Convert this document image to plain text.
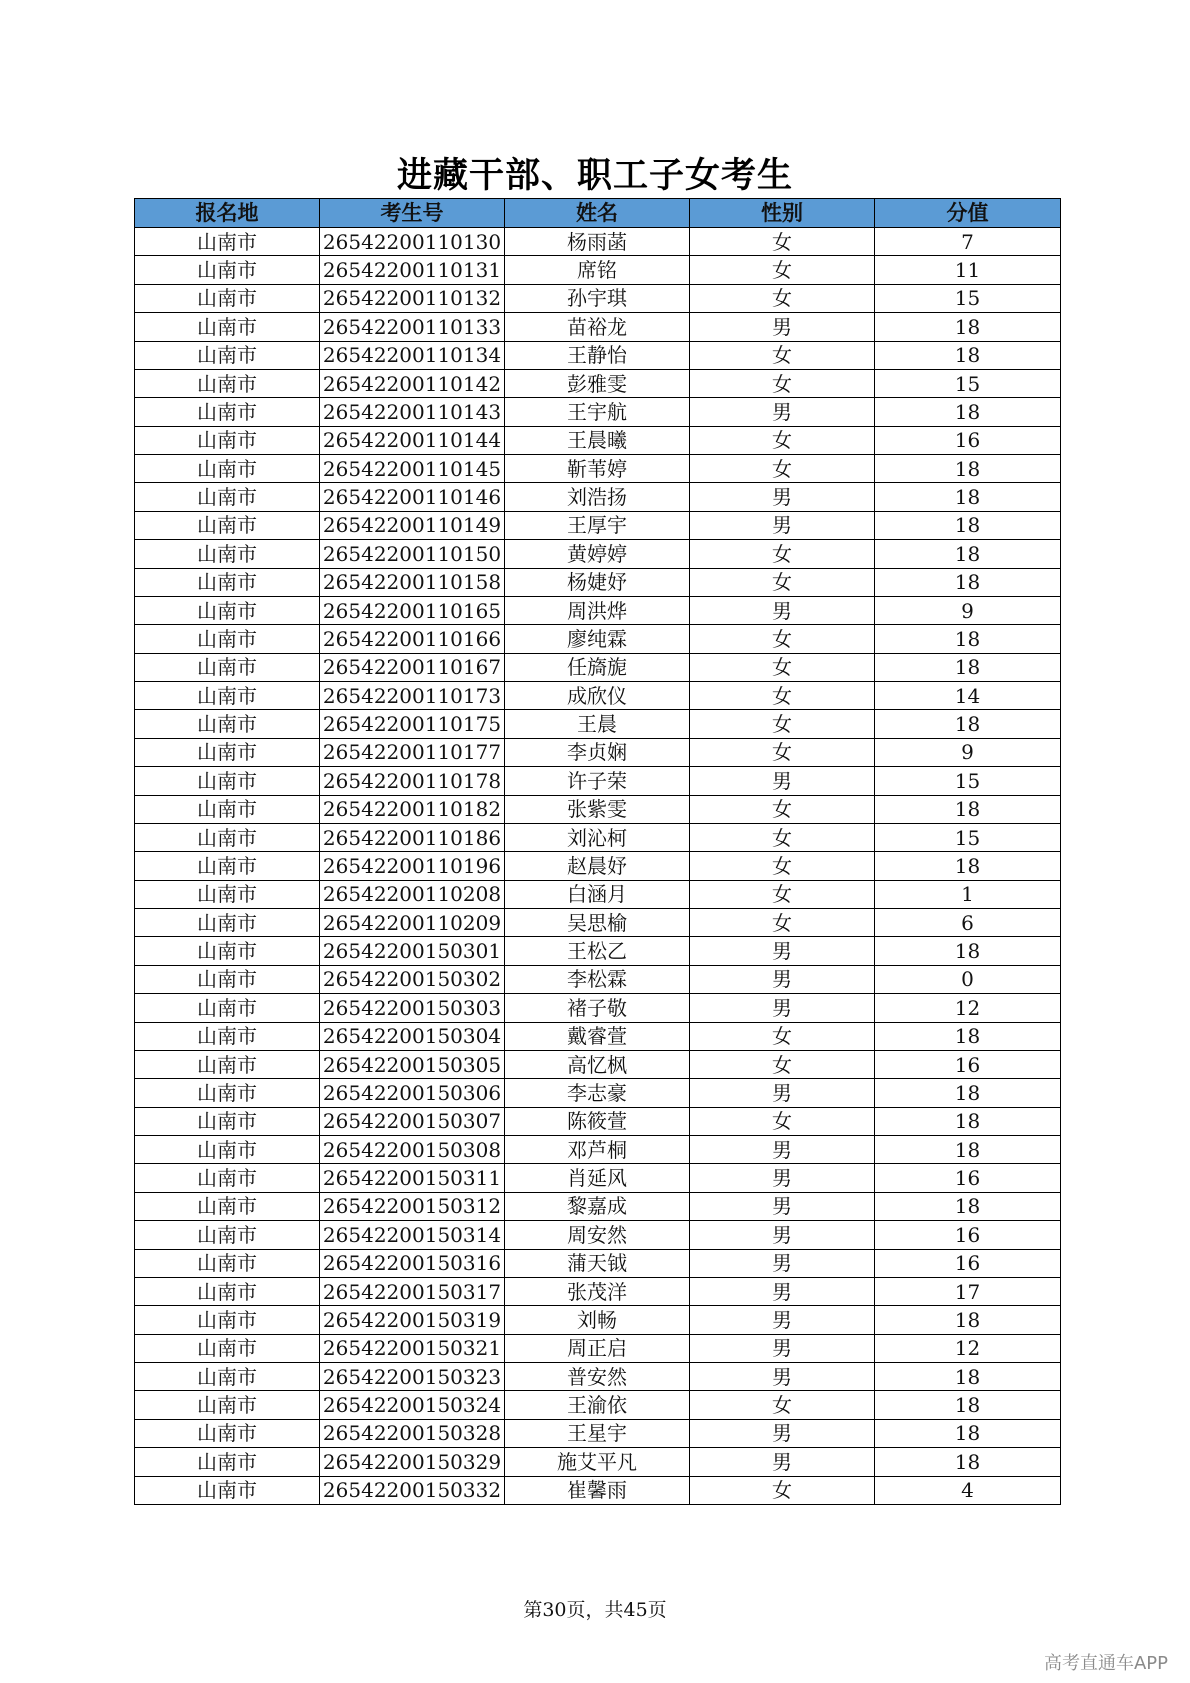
进藏干部、职工子女考生
报名地	考生号	姓名	性别	分值
山南市	26542200110130	杨雨菡	女	7
山南市	26542200110131	席铭	女	11
山南市	26542200110132	孙宇琪	女	15
山南市	26542200110133	苗裕龙	男	18
山南市	26542200110134	王静怡	女	18
山南市	26542200110142	彭雅雯	女	15
山南市	26542200110143	王宇航	男	18
山南市	26542200110144	王晨曦	女	16
山南市	26542200110145	靳苇婷	女	18
山南市	26542200110146	刘浩扬	男	18
山南市	26542200110149	王厚宇	男	18
山南市	26542200110150	黄婷婷	女	18
山南市	26542200110158	杨婕妤	女	18
山南市	26542200110165	周洪烨	男	9
山南市	26542200110166	廖纯霖	女	18
山南市	26542200110167	任旖旎	女	18
山南市	26542200110173	成欣仪	女	14
山南市	26542200110175	王晨	女	18
山南市	26542200110177	李贞娴	女	9
山南市	26542200110178	许子荣	男	15
山南市	26542200110182	张紫雯	女	18
山南市	26542200110186	刘沁柯	女	15
山南市	26542200110196	赵晨妤	女	18
山南市	26542200110208	白涵月	女	1
山南市	26542200110209	吴思榆	女	6
山南市	26542200150301	王松乙	男	18
山南市	26542200150302	李松霖	男	0
山南市	26542200150303	褚子敬	男	12
山南市	26542200150304	戴睿萱	女	18
山南市	26542200150305	高忆枫	女	16
山南市	26542200150306	李志豪	男	18
山南市	26542200150307	陈筱萱	女	18
山南市	26542200150308	邓芦桐	男	18
山南市	26542200150311	肖延风	男	16
山南市	26542200150312	黎嘉成	男	18
山南市	26542200150314	周安然	男	16
山南市	26542200150316	蒲天钺	男	16
山南市	26542200150317	张茂洋	男	17
山南市	26542200150319	刘畅	男	18
山南市	26542200150321	周正启	男	12
山南市	26542200150323	普安然	男	18
山南市	26542200150324	王渝依	女	18
山南市	26542200150328	王星宇	男	18
山南市	26542200150329	施艾平凡	男	18
山南市	26542200150332	崔馨雨	女	4
第30页，共45页
高考直通车APP
